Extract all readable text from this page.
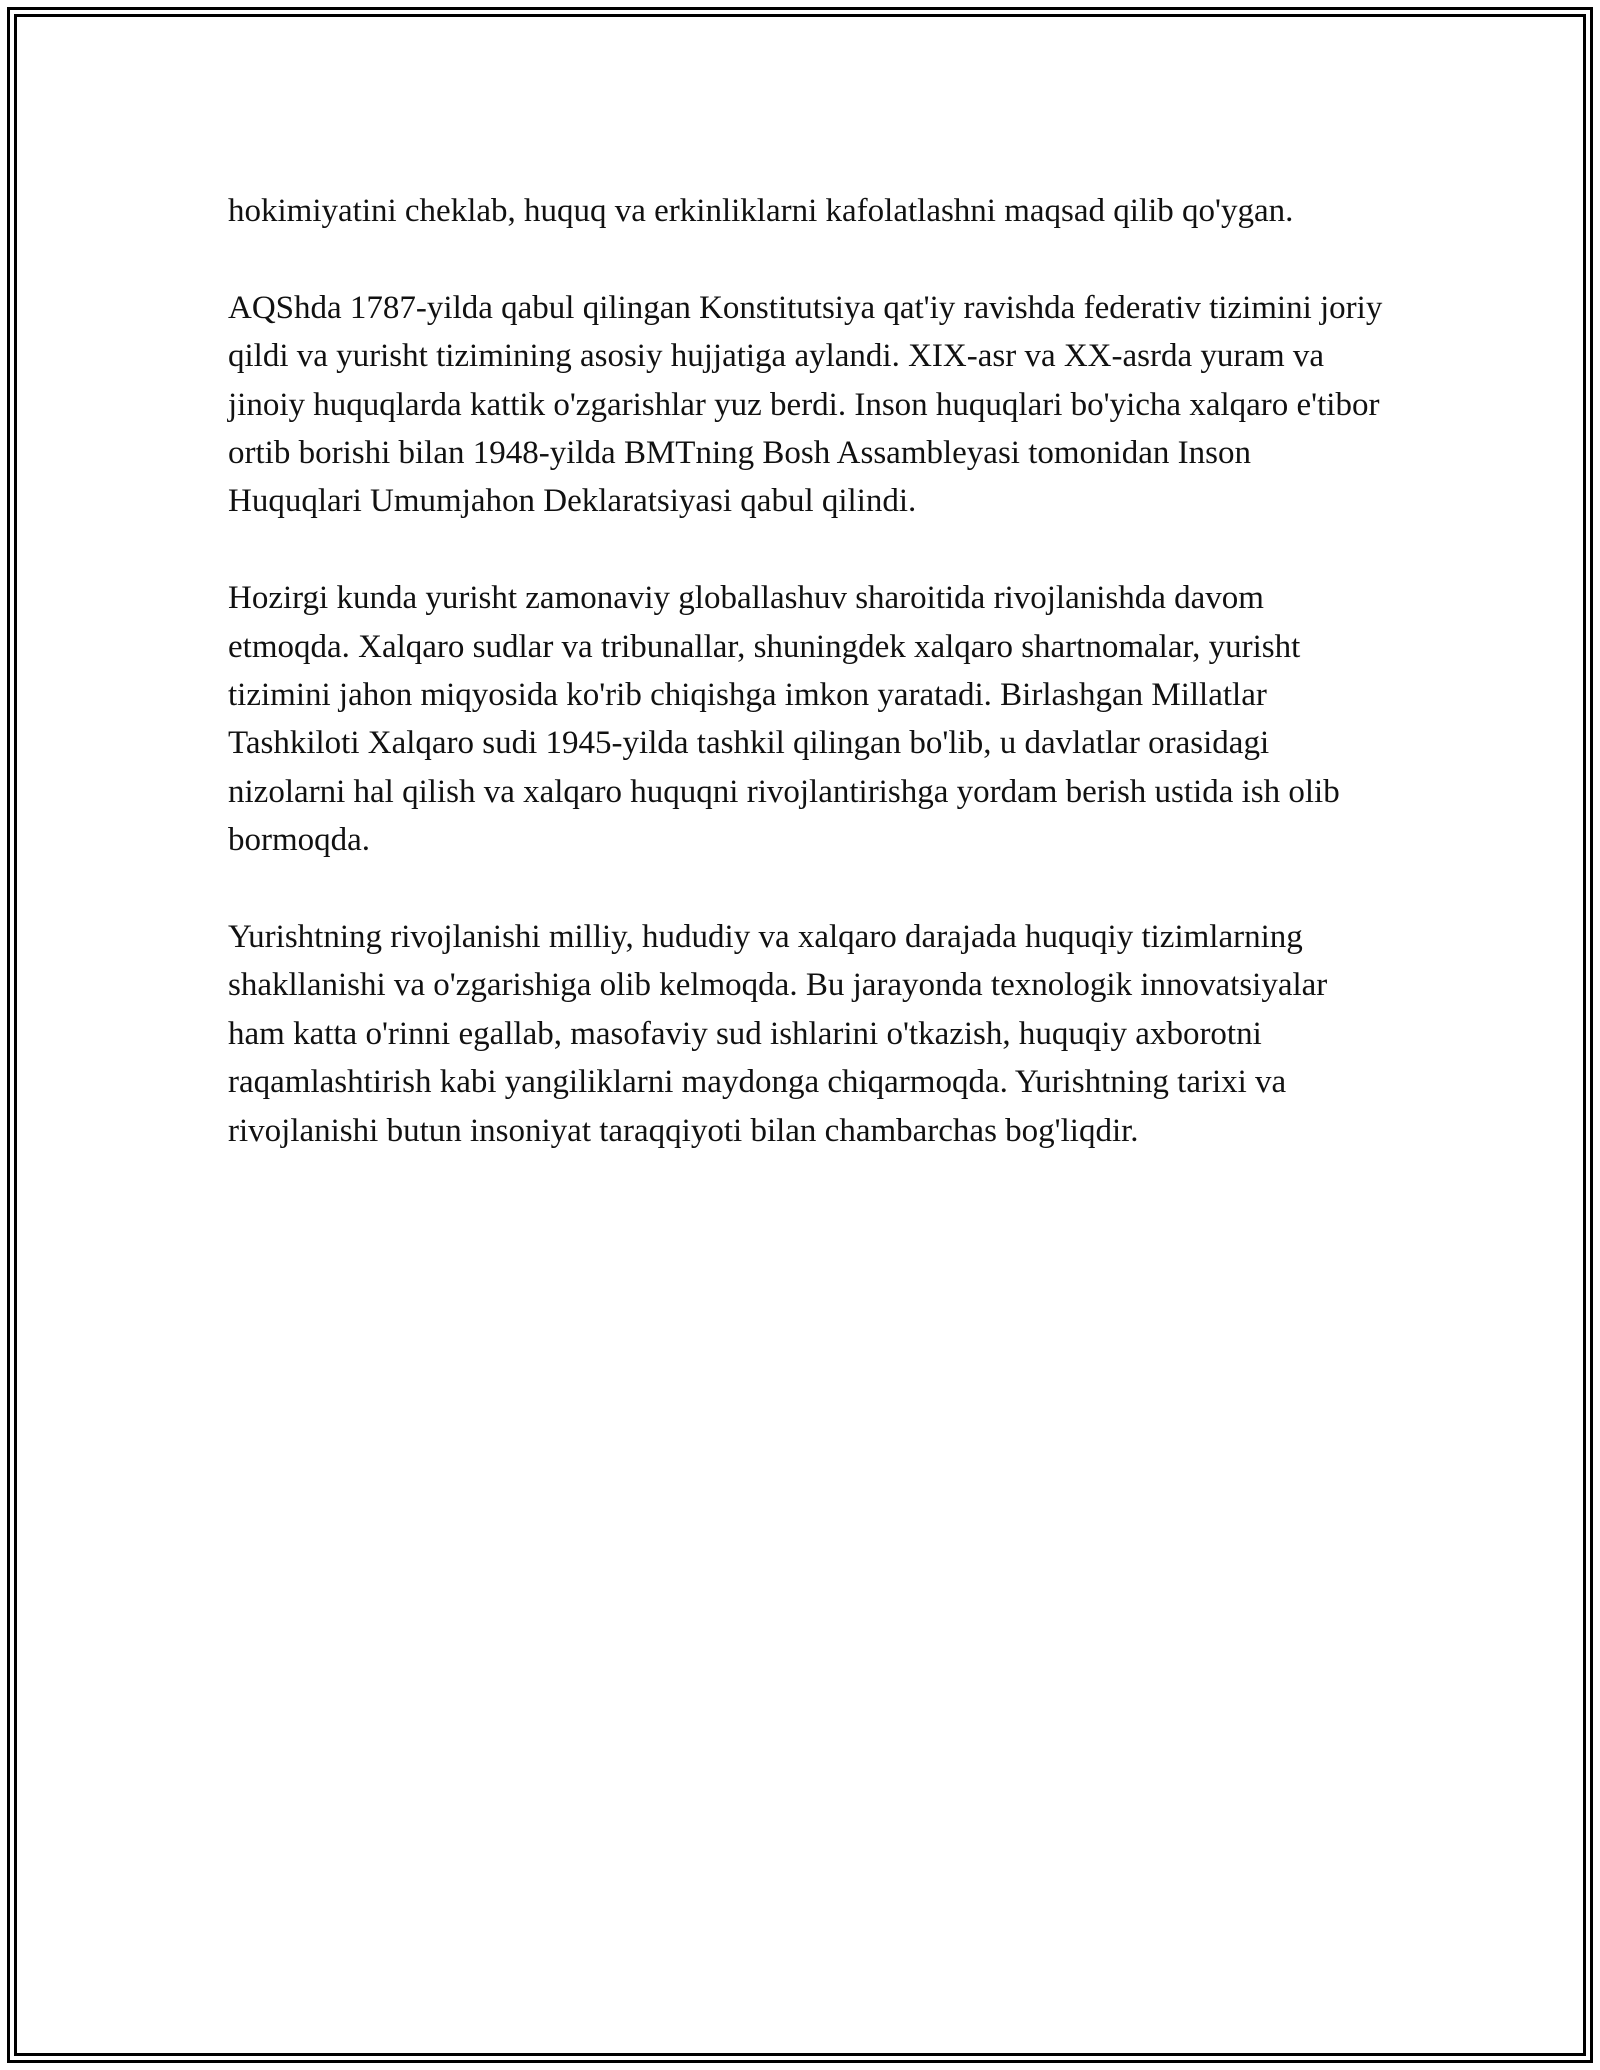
hokimiyatini cheklab, huquq va erkinliklarni kafolatlashni maqsad qilib qo'ygan.

AQShda 1787-yilda qabul qilingan Konstitutsiya qat'iy ravishda federativ tizimini joriy qildi va yurisht tizimining asosiy hujjatiga aylandi. XIX-asr va XX-asrda yuram va jinoiy huquqlarda kattik o'zgarishlar yuz berdi. Inson huquqlari bo'yicha xalqaro e'tibor ortib borishi bilan 1948-yilda BMTning Bosh Assambleyasi tomonidan Inson Huquqlari Umumjahon Deklaratsiyasi qabul qilindi.

Hozirgi kunda yurisht zamonaviy globallashuv sharoitida rivojlanishda davom etmoqda. Xalqaro sudlar va tribunallar, shuningdek xalqaro shartnomalar, yurisht tizimini jahon miqyosida ko'rib chiqishga imkon yaratadi. Birlashgan Millatlar Tashkiloti Xalqaro sudi 1945-yilda tashkil qilingan bo'lib, u davlatlar orasidagi nizolarni hal qilish va xalqaro huquqni rivojlantirishga yordam berish ustida ish olib bormoqda.

Yurishtning rivojlanishi milliy, hududiy va xalqaro darajada huquqiy tizimlarning shakllanishi va o'zgarishiga olib kelmoqda. Bu jarayonda texnologik innovatsiyalar ham katta o'rinni egallab, masofaviy sud ishlarini o'tkazish, huquqiy axborotni raqamlashtirish kabi yangiliklarni maydonga chiqarmoqda. Yurishtning tarixi va rivojlanishi butun insoniyat taraqqiyoti bilan chambarchas bog'liqdir.
